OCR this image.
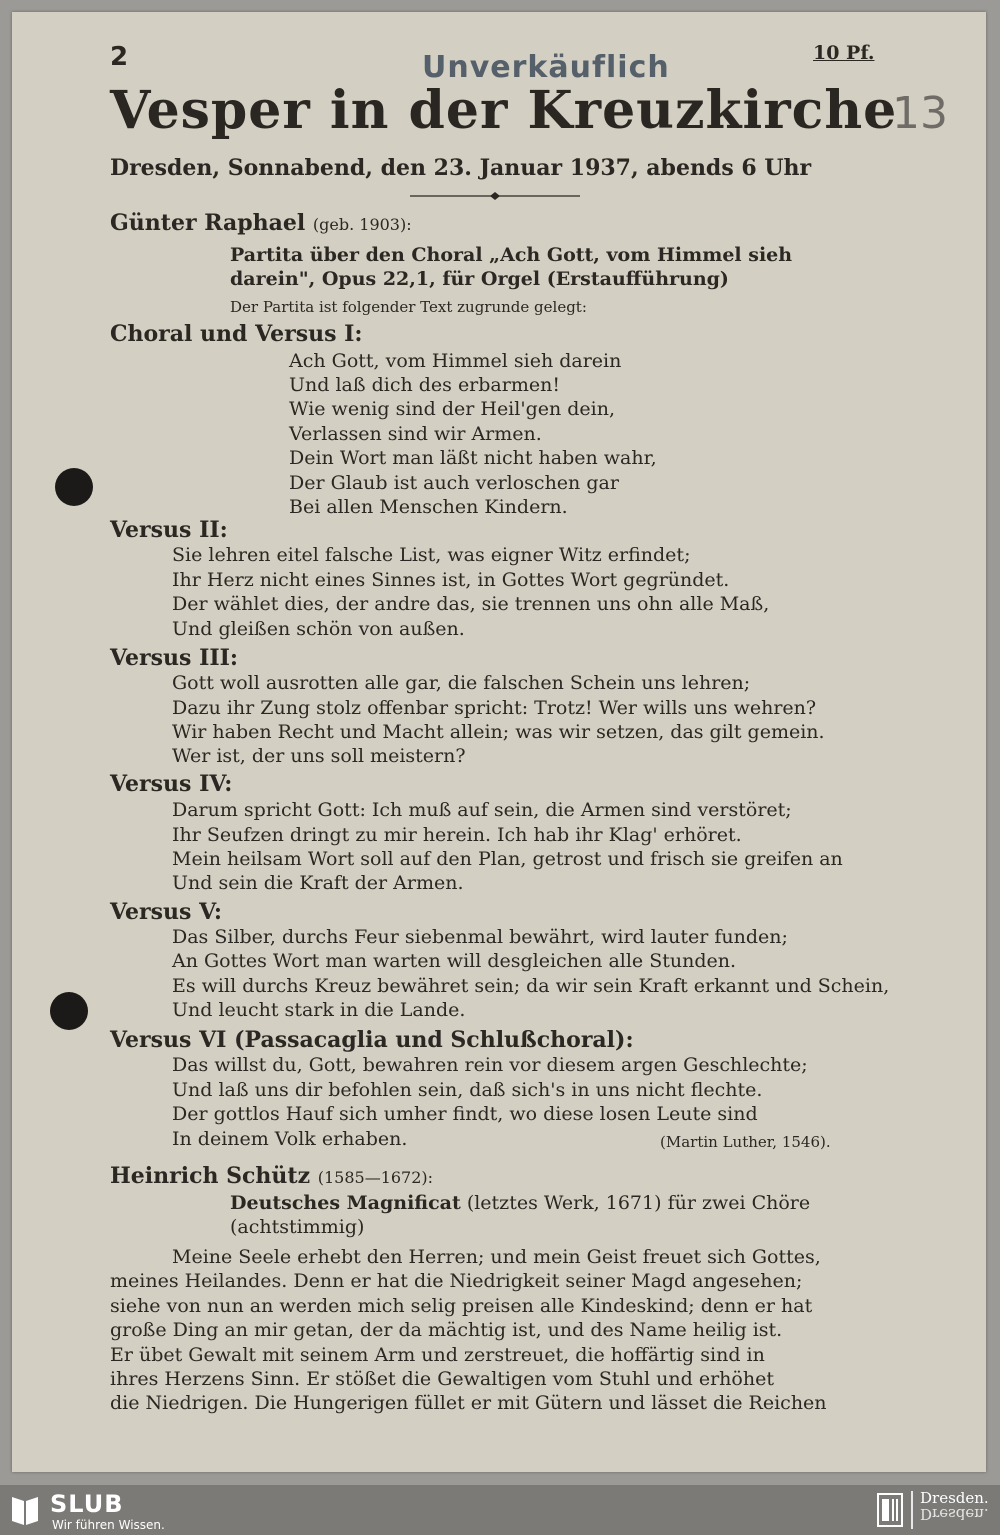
2	10 Pf.
Unverkäuflich
Vesper in der Kreuzkirche
13
Dresden, Sonnabend, den 23. Januar 1937, abends 6 Uhr
Günter Raphael (geb. 1903):
Partita über den Choral „Ach Gott, vom Himmel sieh
darein", Opus 22,1, für Orgel (Erstaufführung)
Der Partita ist folgender Text zugrunde gelegt:
Choral und Versus I:
Ach Gott, vom Himmel sieh darein
Und laß dich des erbarmen!
Wie wenig sind der Heil'gen dein,
Verlassen sind wir Armen.
Dein Wort man läßt nicht haben wahr,
Der Glaub ist auch verloschen gar
Bei allen Menschen Kindern.
Versus II:
Sie lehren eitel falsche List, was eigner Witz erfindet;
Ihr Herz nicht eines Sinnes ist, in Gottes Wort gegründet.
Der wählet dies, der andre das, sie trennen uns ohn alle Maß,
Und gleißen schön von außen.
Versus III:
Gott woll ausrotten alle gar, die falschen Schein uns lehren;
Dazu ihr Zung stolz offenbar spricht: Trotz! Wer wills uns wehren?
Wir haben Recht und Macht allein; was wir setzen, das gilt gemein.
Wer ist, der uns soll meistern?
Versus IV:
Darum spricht Gott: Ich muß auf sein, die Armen sind verstöret;
Ihr Seufzen dringt zu mir herein. Ich hab ihr Klag' erhöret.
Mein heilsam Wort soll auf den Plan, getrost und frisch sie greifen an
Und sein die Kraft der Armen.
Versus V:
Das Silber, durchs Feur siebenmal bewährt, wird lauter funden;
An Gottes Wort man warten will desgleichen alle Stunden.
Es will durchs Kreuz bewähret sein; da wir sein Kraft erkannt und Schein,
Und leucht stark in die Lande.
Versus VI (Passacaglia und Schlußchoral):
Das willst du, Gott, bewahren rein vor diesem argen Geschlechte;
Und laß uns dir befohlen sein, daß sich's in uns nicht flechte.
Der gottlos Hauf sich umher findt, wo diese losen Leute sind
In deinem Volk erhaben.	(Martin Luther, 1546).
Heinrich Schütz (1585—1672):
Deutsches Magnificat (letztes Werk, 1671) für zwei Chöre
(achtstimmig)
Meine Seele erhebt den Herren; und mein Geist freuet sich Gottes,
meines Heilandes. Denn er hat die Niedrigkeit seiner Magd angesehen;
siehe von nun an werden mich selig preisen alle Kindeskind; denn er hat
große Ding an mir getan, der da mächtig ist, und des Name heilig ist.
Er übet Gewalt mit seinem Arm und zerstreuet, die hoffärtig sind in
ihres Herzens Sinn. Er stößet die Gewaltigen vom Stuhl und erhöhet
die Niedrigen. Die Hungerigen füllet er mit Gütern und lässet die Reichen
SLUB
Wir führen Wissen.
Dresden.
Dresden.
